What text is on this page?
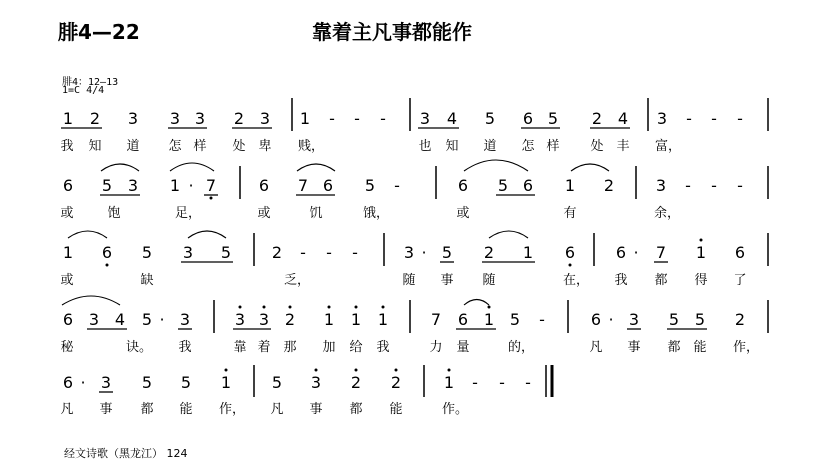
腓4—22	靠着主凡事都能作
腓4：12—13
1=C 4/4
经文诗歌（黑龙江） 124
1 2 3 3 3 2 3 1 - - - 3 4 5 6 5 2 4 3 - - -
我 知 道 怎 样 处 卑 贱，	也 知 道 怎 样 处 丰 富，
6 5 3 1 · 7	6 7 6 5 -	6 5 6 1 2	3 - - -
或	饱	足，	或	饥	饿，	或	有	余，
1 6 5 3 5	2 - - -	3 · 5 2 1 6	6 · 7 1 6
或	缺	乏，	随 事 随	在， 我 都 得 了
6 3 4 5 · 3	3 3 2 1 1 1	7 6 1 5 -	6 · 3 5 5 2
秘	诀。 我	靠 着 那 加 给 我	力 量	的，	凡 事 都 能 作，
6 · 3 5 5 1	5 3 2 2	1 - - -
凡 事 都 能 作， 凡 事 都 能	作。
